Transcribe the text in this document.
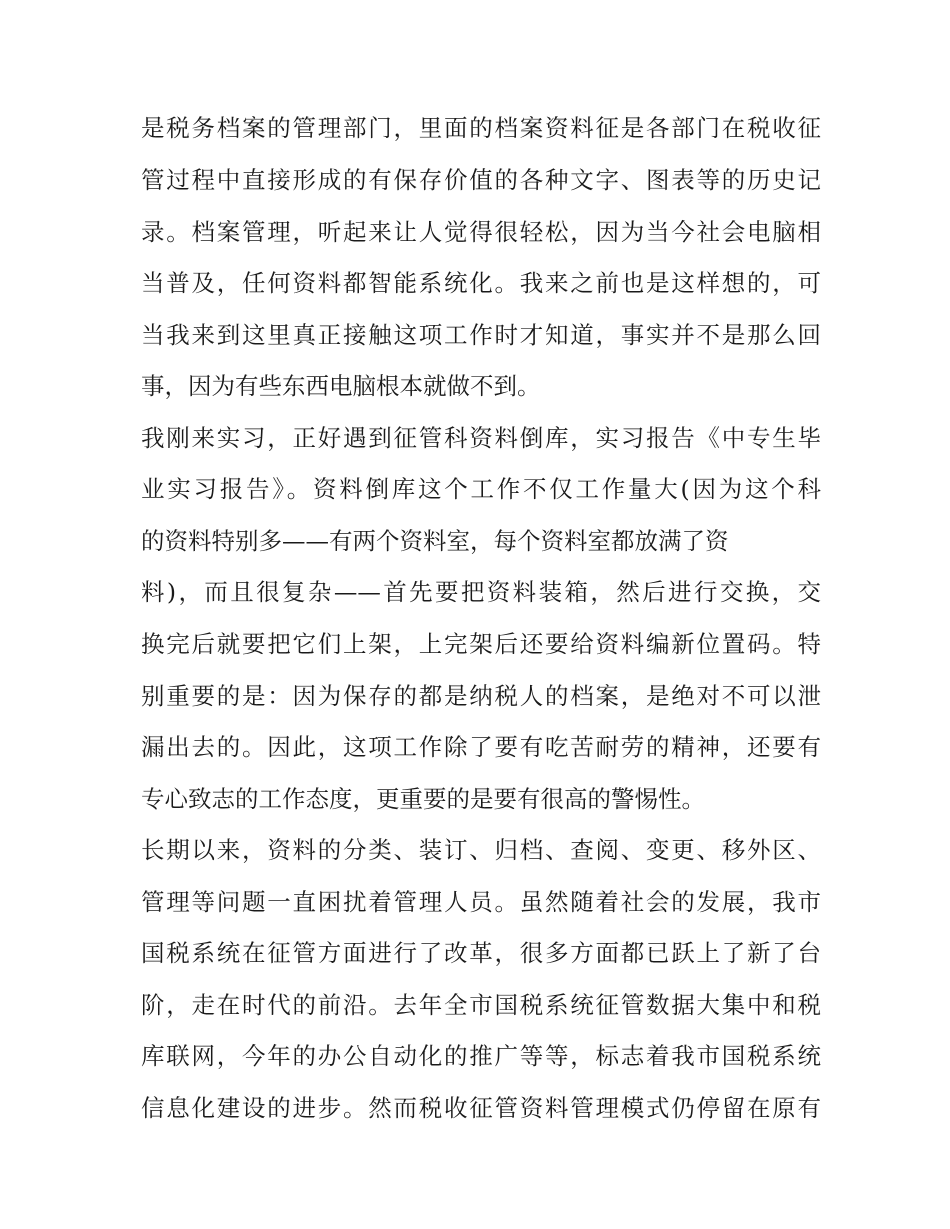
是税务档案的管理部门，里面的档案资料征是各部门在税收征
管过程中直接形成的有保存价值的各种文字、图表等的历史记
录。档案管理，听起来让人觉得很轻松，因为当今社会电脑相
当普及，任何资料都智能系统化。我来之前也是这样想的，可
当我来到这里真正接触这项工作时才知道，事实并不是那么回
事，因为有些东西电脑根本就做不到。
我刚来实习，正好遇到征管科资料倒库，实习报告《中专生毕
业实习报告》。资料倒库这个工作不仅工作量大(因为这个科
的资料特别多——有两个资料室，每个资料室都放满了资
料)，而且很复杂——首先要把资料装箱，然后进行交换，交
换完后就要把它们上架，上完架后还要给资料编新位置码。特
别重要的是：因为保存的都是纳税人的档案，是绝对不可以泄
漏出去的。因此，这项工作除了要有吃苦耐劳的精神，还要有
专心致志的工作态度，更重要的是要有很高的警惕性。
长期以来，资料的分类、装订、归档、查阅、变更、移外区、
管理等问题一直困扰着管理人员。虽然随着社会的发展，我市
国税系统在征管方面进行了改革，很多方面都已跃上了新了台
阶，走在时代的前沿。去年全市国税系统征管数据大集中和税
库联网，今年的办公自动化的推广等等，标志着我市国税系统
信息化建设的进步。然而税收征管资料管理模式仍停留在原有
